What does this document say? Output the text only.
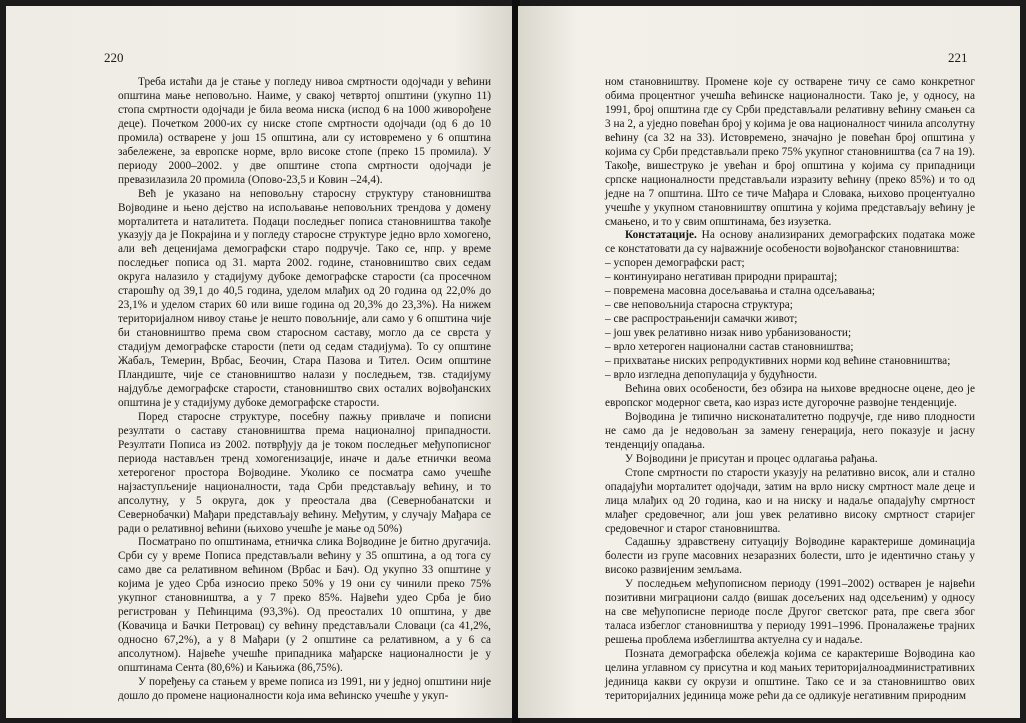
220

Треба истаћи да је стање у погледу нивоа смртности одојчади у већини општина мање неповољно. Наиме, у свакој четвртој општини (укупно 11) стопа смртности одојчади је била веома ниска (испод 6 на 1000 живорођене деце). Почетком 2000-их су ниске стопе смртности одојчади (од 6 до 10 промила) остварене у још 15 општина, али су истовремено у 6 општина забележене, за европске норме, врло високе стопе (преко 15 промила). У периоду 2000–2002. у две општине стопа смртности одојчади је превазилазила 20 промила (Опово-23,5 и Ковин –24,4).

Већ је указано на неповољну старосну структуру становништва Војводине и њено дејство на испољавање неповољних трендова у домену морталитета и наталитета. Подаци последњег пописа становништва такође указују да је Покрајина и у погледу старосне структуре једно врло хомогено, али већ деценијама демографски старо подручје. Тако се, нпр. у време последњег пописа од 31. марта 2002. године, становништво свих седам округа налазило у стадијуму дубоке демографске старости (са просечном старошћу од 39,1 до 40,5 година, уделом млађих од 20 година од 22,0% до 23,1% и уделом старих 60 или више година од 20,3% до 23,3%). На нижем територијалном нивоу стање је нешто повољније, али само у 6 општина чије би становништво према свом старосном саставу, могло да се сврста у стадијум демографске старости (пети од седам стадијума). То су општине Жабаљ, Темерин, Врбас, Беочин, Стара Пазова и Тител. Осим општине Пландиште, чије се становништво налази у последњем, тзв. стадијуму најдубље демографске старости, становништво свих осталих војвођанских општина је у стадијуму дубоке демографске старости.

Поред старосне структуре, посебну пажњу привлаче и пописни резултати о саставу становништва према националној припадности. Резултати Пописа из 2002. потврђују да је током последњег међупописног периода настављен тренд хомогенизације, иначе и даље етнички веома хетерогеног простора Војводине. Уколико се посматра само учешће најзаступљеније националности, тада Срби представљају већину, и то апсолутну, у 5 округа, док у преостала два (Севернобанатски и Севернобачки) Мађари представљају већину. Међутим, у случају Мађара се ради о релативној већини (њихово учешће је мање од 50%)

Посматрано по општинама, етничка слика Војводине је битно другачија. Срби су у време Пописа представљали већину у 35 општина, а од тога су само две са релативном већином (Врбас и Бач). Од укупно 33 општине у којима је удео Срба износио преко 50% у 19 они су чинили преко 75% укупног становништва, а у 7 преко 85%. Највећи удео Срба је био регистрован у Пећинцима (93,3%). Од преосталих 10 општина, у две (Ковачица и Бачки Петровац) су већину представљали Словаци (са 41,2%, односно 67,2%), а у 8 Мађари (у 2 општине са релативном, а у 6 са апсолутном). Највеће учешће припадника мађарске националности је у општинама Сента (80,6%) и Кањижа (86,75%).

У поређењу са стањем у време пописа из 1991, ни у једној општини није дошло до промене националности која има већинско учешће у укуп-

221

ном становништву. Промене које су остварене тичу се само конкретног обима процентног учешћа већинске националности. Тако је, у односу, на 1991, број општина где су Срби представљали релативну већину смањен са 3 на 2, а уједно повећан број у којима је ова националност чинила апсолутну већину (са 32 на 33). Истовремено, значајно је повећан број општина у којима су Срби представљали преко 75% укупног становништва (са 7 на 19). Такође, вишеструко је увећан и број општина у којима су припадници српске националности представљали изразиту већину (преко 85%) и то од једне на 7 општина. Што се тиче Мађара и Словака, њихово процентуално учешће у укупном становништву општина у којима представљају већину је смањено, и то у свим општинама, без изузетка.

Констатације. На основу анализираних демографских података може се констатовати да су најважније особености војвођанског становништва:

– успорен демографски раст;
– континуирано негативан природни прираштај;
– повремена масовна досељавања и стална одсељавања;
– све неповољнија старосна структура;
– све распрострањенији самачки живот;
– још увек релативно низак ниво урбанизованости;
– врло хетероген национални састав становништва;
– прихватање ниских репродуктивних норми код већине становништва;
– врло изгледна депопулација у будућности.

Већина ових особености, без обзира на њихове вредносне оцене, део је европског модерног света, као израз исте дугорочне развојне тенденције.

Војводина је типично нисконаталитетно подручје, где ниво плодности не само да је недовољан за замену генерација, него показује и јасну тенденцију опадања.

У Војводини је присутан и процес одлагања рађања.

Стопе смртности по старости указују на релативно висок, али и стално опадајући морталитет одојчади, затим на врло ниску смртност мале деце и лица млађих од 20 година, као и на ниску и надаље опадајућу смртност млађег средовечног, али још увек релативно високу смртност старијег средовечног и старог становништва.

Садашњу здравствену ситуацију Војводине карактерише доминација болести из групе масовних незаразних болести, што је идентично стању у високо развијеним земљама.

У последњем међупописном периоду (1991–2002) остварен је највећи позитивни миграциони салдо (вишак досељених над одсељеним) у односу на све међупописне периоде после Другог светског рата, пре свега због таласа избеглог становништва у периоду 1991–1996. Проналажење трајних решења проблема избеглиштва актуелна су и надаље.

Позната демографска обележја којима се карактерише Војводина као целина углавном су присутна и код мањих територијалноадминистративних јединица какви су окрузи и општине. Тако се и за становништво ових територијалних јединица може рећи да се одликује негативним природним
